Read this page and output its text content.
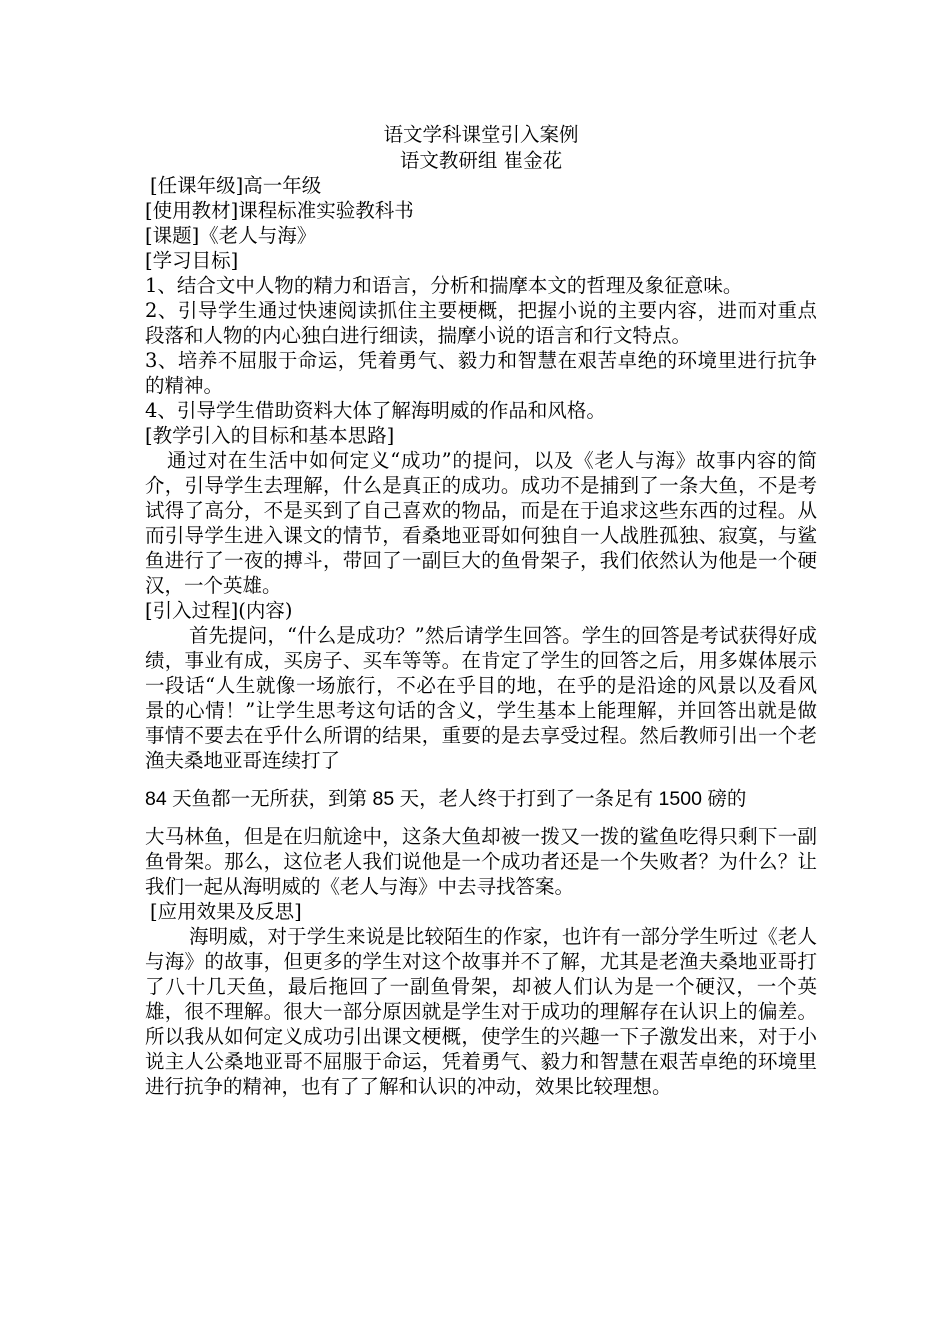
语文学科课堂引入案例

语文教研组 崔金花

[任课年级]高一年级

[使用教材]课程标准实验教科书

[课题]《老人与海》

[学习目标]

1、结合文中人物的精力和语言，分析和揣摩本文的哲理及象征意味。

2、引导学生通过快速阅读抓住主要梗概，把握小说的主要内容，进而对重点段落和人物的内心独白进行细读，揣摩小说的语言和行文特点。

3、培养不屈服于命运，凭着勇气、毅力和智慧在艰苦卓绝的环境里进行抗争的精神。

4、引导学生借助资料大体了解海明威的作品和风格。

[教学引入的目标和基本思路]

通过对在生活中如何定义“成功”的提问，以及《老人与海》故事内容的简介，引导学生去理解，什么是真正的成功。成功不是捕到了一条大鱼，不是考试得了高分，不是买到了自己喜欢的物品，而是在于追求这些东西的过程。从而引导学生进入课文的情节，看桑地亚哥如何独自一人战胜孤独、寂寞，与鲨鱼进行了一夜的搏斗，带回了一副巨大的鱼骨架子，我们依然认为他是一个硬汉，一个英雄。

[引入过程](内容)

首先提问，“什么是成功？”然后请学生回答。学生的回答是考试获得好成绩，事业有成，买房子、买车等等。在肯定了学生的回答之后，用多媒体展示一段话“人生就像一场旅行，不必在乎目的地，在乎的是沿途的风景以及看风景的心情！”让学生思考这句话的含义，学生基本上能理解，并回答出就是做事情不要去在乎什么所谓的结果，重要的是去享受过程。然后教师引出一个老渔夫桑地亚哥连续打了

84 天鱼都一无所获，到第 85 天，老人终于打到了一条足有 1500 磅的

大马林鱼，但是在归航途中，这条大鱼却被一拨又一拨的鲨鱼吃得只剩下一副鱼骨架。那么，这位老人我们说他是一个成功者还是一个失败者？为什么？让我们一起从海明威的《老人与海》中去寻找答案。

[应用效果及反思]

海明威，对于学生来说是比较陌生的作家，也许有一部分学生听过《老人与海》的故事，但更多的学生对这个故事并不了解，尤其是老渔夫桑地亚哥打了八十几天鱼，最后拖回了一副鱼骨架，却被人们认为是一个硬汉，一个英雄，很不理解。很大一部分原因就是学生对于成功的理解存在认识上的偏差。所以我从如何定义成功引出课文梗概，使学生的兴趣一下子激发出来，对于小说主人公桑地亚哥不屈服于命运，凭着勇气、毅力和智慧在艰苦卓绝的环境里进行抗争的精神，也有了了解和认识的冲动，效果比较理想。
